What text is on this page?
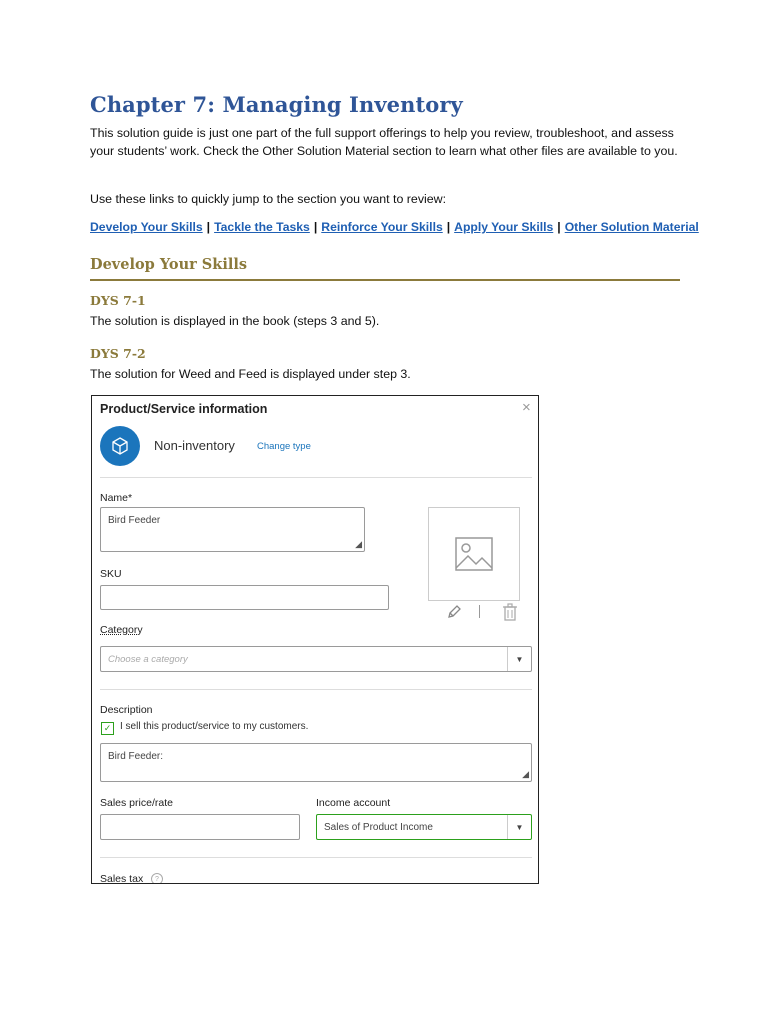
Chapter 7: Managing Inventory

This solution guide is just one part of the full support offerings to help you review, troubleshoot, and assess your students’ work. Check the Other Solution Material section to learn what other files are available to you.

Use these links to quickly jump to the section you want to review:

Develop Your Skills | Tackle the Tasks | Reinforce Your Skills | Apply Your Skills | Other Solution Material
Develop Your Skills
DYS 7-1

The solution is displayed in the book (steps 3 and 5).

DYS 7-2

The solution for Weed and Feed is displayed under step 3.

Product/Service information	×
Non-inventory Change type
Name*
Bird Feeder
◢
SKU
Category
Choose a category	▼
Description
✓ I sell this product/service to my customers.
Bird Feeder:
◢
Sales price/rate	Income account
Sales of Product Income	▼
Sales tax	?
